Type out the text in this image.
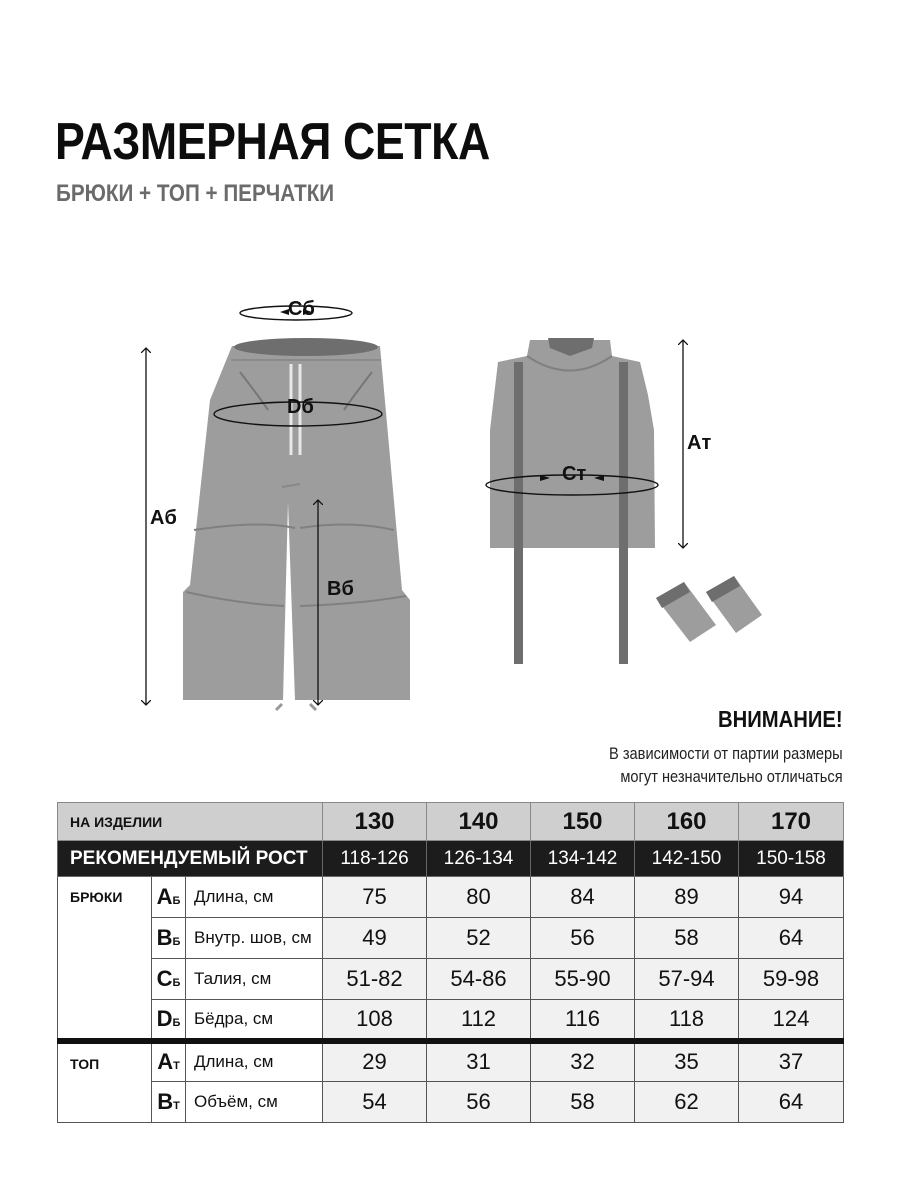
РАЗМЕРНАЯ СЕТКА
БРЮКИ + ТОП + ПЕРЧАТКИ
Cб
Dб
Aб
Bб
Cт
Aт
ВНИМАНИЕ!
В зависимости от партии размеры
могут незначительно отличаться
НА ИЗДЕЛИИ			130	140	150	160	170
РЕКОМЕНДУЕМЫЙ РОСТ			118-126	126-134	134-142	142-150	150-158
БРЮКИ	AБ	Длина, см	75	80	84	89	94
	BБ	Внутр. шов, см	49	52	56	58	64
	CБ	Талия, см	51-82	54-86	55-90	57-94	59-98
	DБ	Бёдра, см	108	112	116	118	124
ТОП	AТ	Длина, см	29	31	32	35	37
	BТ	Объём, см	54	56	58	62	64
